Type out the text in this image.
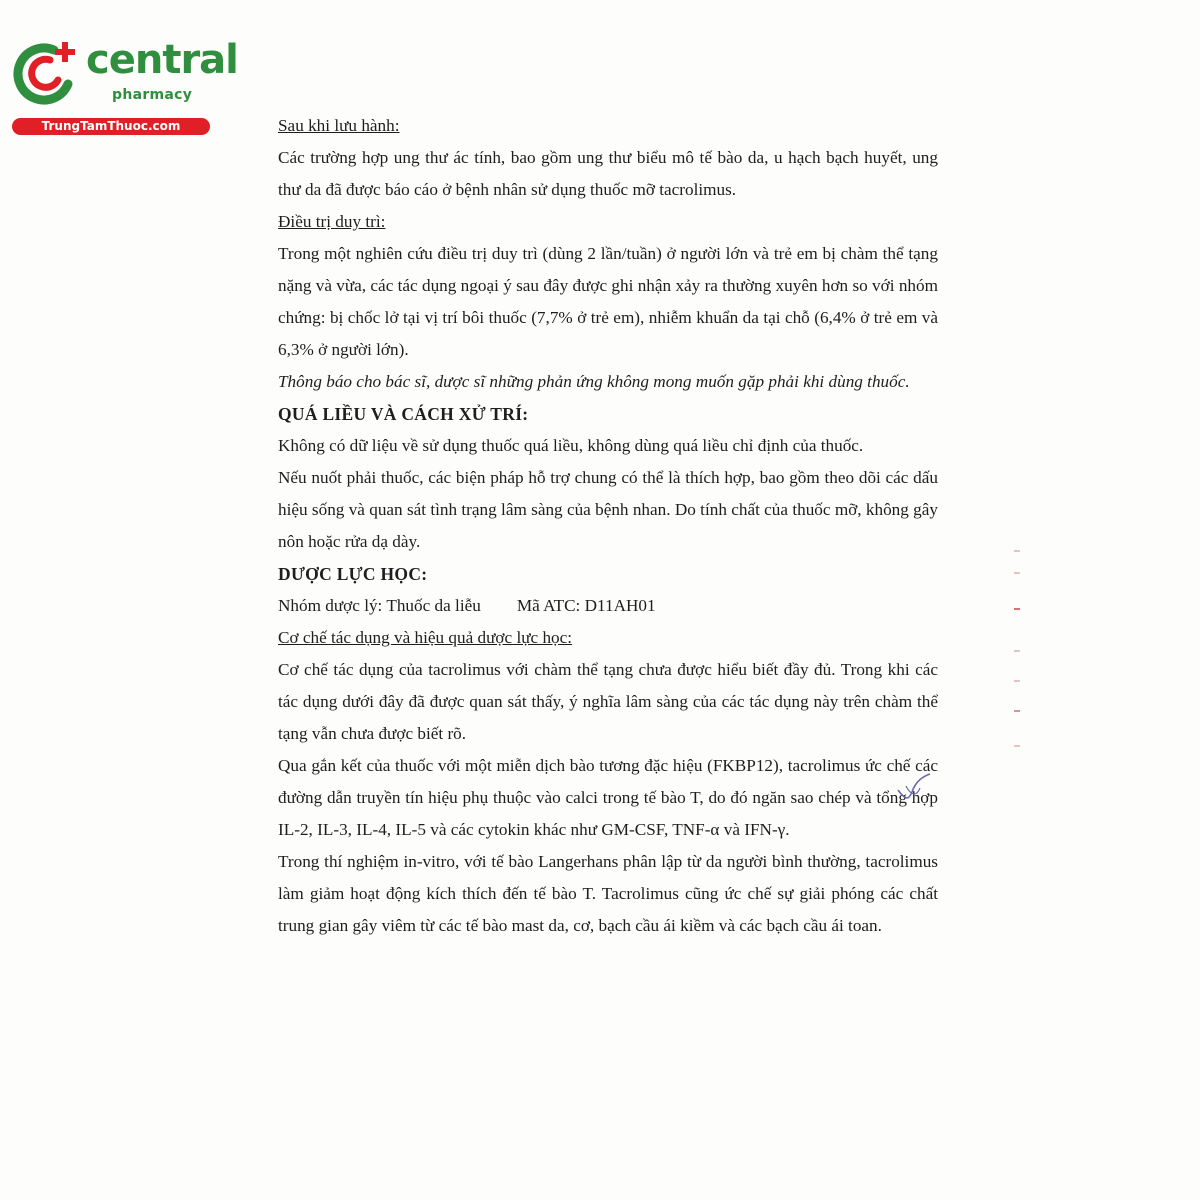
central
pharmacy
TrungTamThuoc.com	Sau khi lưu hành:

Các trường hợp ung thư ác tính, bao gồm ung thư biểu mô tế bào da, u hạch bạch huyết, ung thư da đã được báo cáo ở bệnh nhân sử dụng thuốc mỡ tacrolimus.

Điều trị duy trì:

Trong một nghiên cứu điều trị duy trì (dùng 2 lần/tuần) ở người lớn và trẻ em bị chàm thể tạng nặng và vừa, các tác dụng ngoại ý sau đây được ghi nhận xảy ra thường xuyên hơn so với nhóm chứng: bị chốc lở tại vị trí bôi thuốc (7,7% ở trẻ em), nhiễm khuẩn da tại chỗ (6,4% ở trẻ em và 6,3% ở người lớn).

Thông báo cho bác sĩ, dược sĩ những phản ứng không mong muốn gặp phải khi dùng thuốc.

QUÁ LIỀU VÀ CÁCH XỬ TRÍ:

Không có dữ liệu về sử dụng thuốc quá liều, không dùng quá liều chỉ định của thuốc.

Nếu nuốt phải thuốc, các biện pháp hỗ trợ chung có thể là thích hợp, bao gồm theo dõi các dấu hiệu sống và quan sát tình trạng lâm sàng của bệnh nhan. Do tính chất của thuốc mỡ, không gây nôn hoặc rửa dạ dày.

DƯỢC LỰC HỌC:

Nhóm dược lý: Thuốc da liễu Mã ATC: D11AH01

Cơ chế tác dụng và hiệu quả dược lực học:

Cơ chế tác dụng của tacrolimus với chàm thể tạng chưa được hiểu biết đầy đủ. Trong khi các tác dụng dưới đây đã được quan sát thấy, ý nghĩa lâm sàng của các tác dụng này trên chàm thể tạng vẫn chưa được biết rõ.

Qua gắn kết của thuốc với một miễn dịch bào tương đặc hiệu (FKBP12), tacrolimus ức chế các đường dẫn truyền tín hiệu phụ thuộc vào calci trong tế bào T, do đó ngăn sao chép và tổng hợp IL-2, IL-3, IL-4, IL-5 và các cytokin khác như GM-CSF, TNF-α và IFN-γ.

Trong thí nghiệm in-vitro, với tế bào Langerhans phân lập từ da người bình thường, tacrolimus làm giảm hoạt động kích thích đến tế bào T. Tacrolimus cũng ức chế sự giải phóng các chất trung gian gây viêm từ các tế bào mast da, cơ, bạch cầu ái kiềm và các bạch cầu ái toan.
